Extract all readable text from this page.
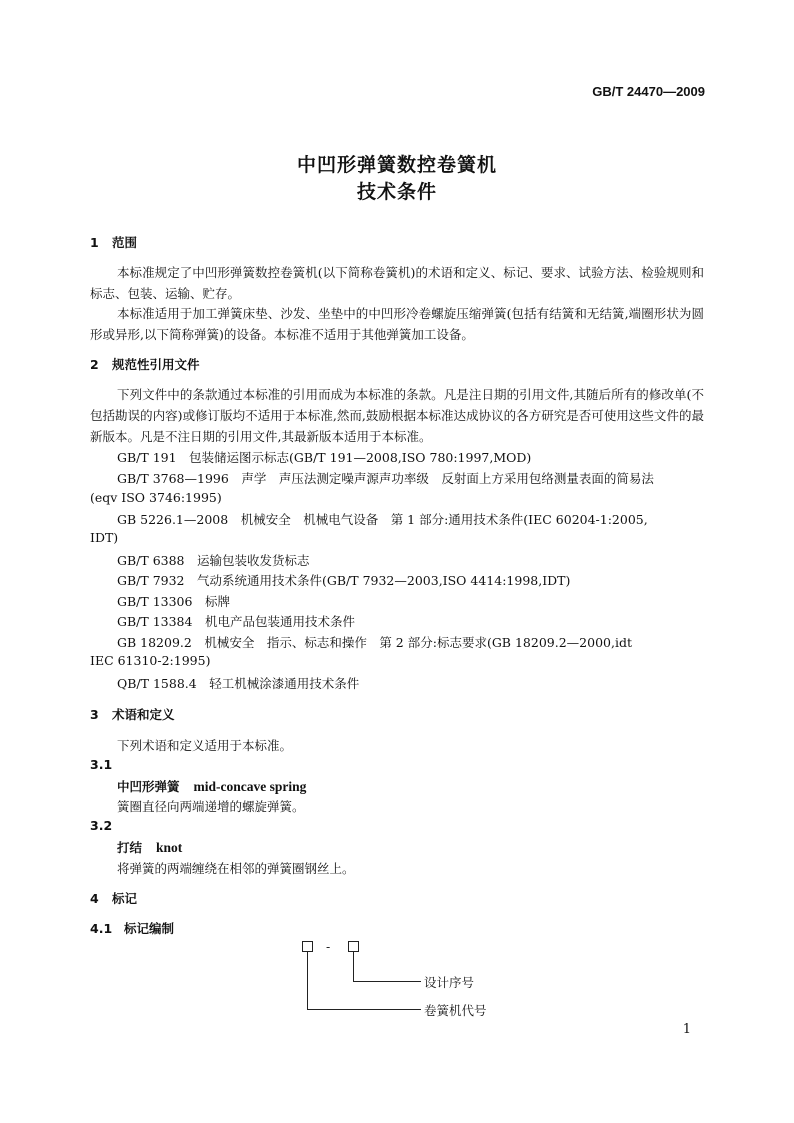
GB/T 24470—2009
中凹形弹簧数控卷簧机
技术条件
1 范围
本标准规定了中凹形弹簧数控卷簧机(以下简称卷簧机)的术语和定义、标记、要求、试验方法、检验规则和标志、包装、运输、贮存。
本标准适用于加工弹簧床垫、沙发、坐垫中的中凹形冷卷螺旋压缩弹簧(包括有结簧和无结簧,端圈形状为圆形或异形,以下简称弹簧)的设备。本标准不适用于其他弹簧加工设备。
2 规范性引用文件
下列文件中的条款通过本标准的引用而成为本标准的条款。凡是注日期的引用文件,其随后所有的修改单(不包括勘误的内容)或修订版均不适用于本标准,然而,鼓励根据本标准达成协议的各方研究是否可使用这些文件的最新版本。凡是不注日期的引用文件,其最新版本适用于本标准。
GB/T 191　包装储运图示标志(GB/T 191—2008,ISO 780:1997,MOD)
GB/T 3768—1996　声学　声压法测定噪声源声功率级　反射面上方采用包络测量表面的简易法
(eqv ISO 3746:1995)
GB 5226.1—2008　机械安全　机械电气设备　第 1 部分:通用技术条件(IEC 60204-1:2005,
IDT)
GB/T 6388　运输包装收发货标志
GB/T 7932　气动系统通用技术条件(GB/T 7932—2003,ISO 4414:1998,IDT)
GB/T 13306　标牌
GB/T 13384　机电产品包装通用技术条件
GB 18209.2　机械安全　指示、标志和操作　第 2 部分:标志要求(GB 18209.2—2000,idt
IEC 61310-2:1995)
QB/T 1588.4　轻工机械涂漆通用技术条件
3 术语和定义
下列术语和定义适用于本标准。
3.1
中凹形弹簧 mid-concave spring
簧圈直径向两端递增的螺旋弹簧。
3.2
打结 knot
将弹簧的两端缠绕在相邻的弹簧圈钢丝上。
4 标记
4.1 标记编制
-
设计序号
卷簧机代号
1
